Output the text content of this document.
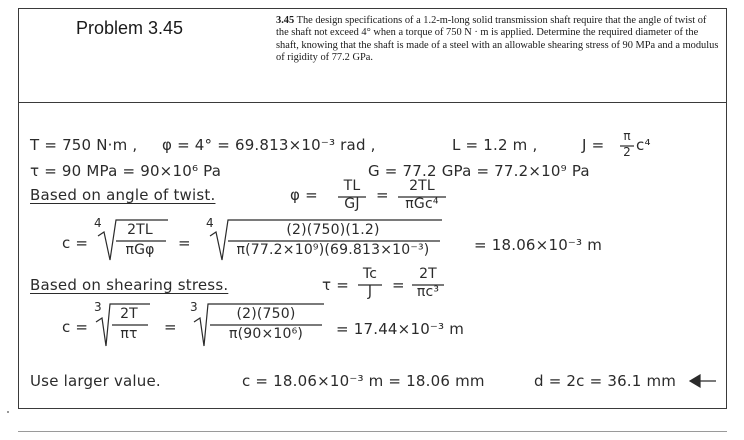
Problem 3.45	3.45 The design specifications of a 1.2-m-long solid transmission shaft require that the angle of twist of the shaft not exceed 4° when a torque of 750 N · m is applied. Determine the required diameter of the shaft, knowing that the shaft is made of a steel with an allowable shearing stress of 90 MPa and a modulus of rigidity of 77.2 GPa.
T = 750 N·m , φ = 4° = 69.813×10⁻³ rad ,	L = 1.2 m ,	J = π
2 c⁴
τ = 90 MPa = 90×10⁶ Pa	G = 77.2 GPa = 77.2×10⁹ Pa
Based on angle of twist.	φ =	TL
GJ	=	2TL
πGc⁴
c =
4	2TL
πGφ	=
4	(2)(750)(1.2)
π(77.2×10⁹)(69.813×10⁻³)	= 18.06×10⁻³ m
Based on shearing stress.	τ =
Tc
J	=
2T
πc³
c =
3	2T
πτ	=
3	(2)(750)
π(90×10⁶)	= 17.44×10⁻³ m
Use larger value.	c = 18.06×10⁻³ m = 18.06 mm	d = 2c = 36.1 mm
